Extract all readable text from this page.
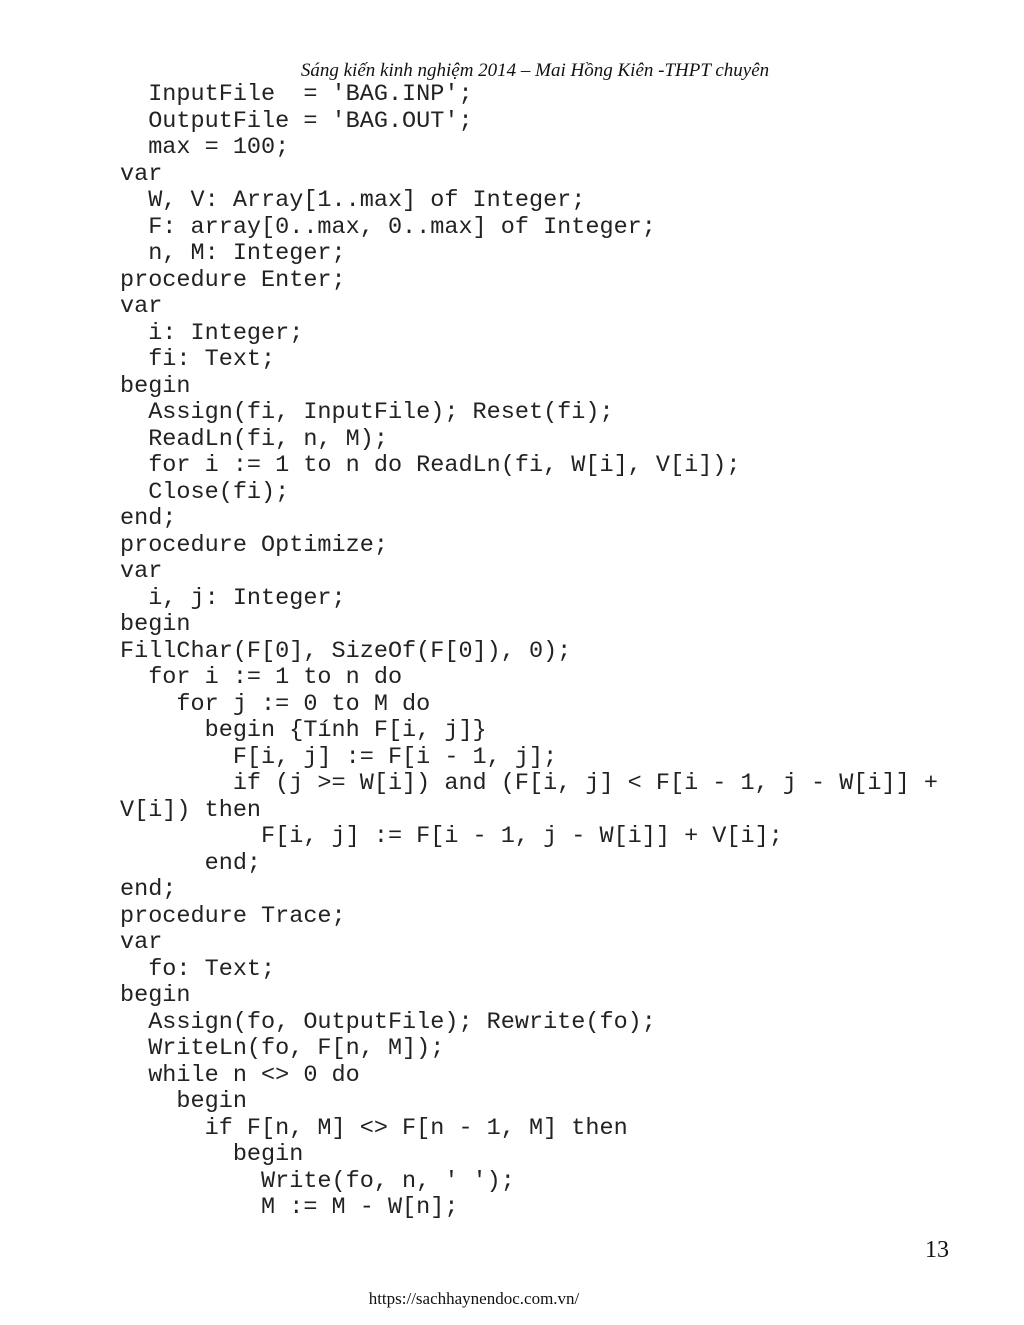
Sáng kiến kinh nghiệm 2014 – Mai Hồng Kiên -THPT chuyên
InputFile  = 'BAG.INP';
OutputFile = 'BAG.OUT';
max = 100;
var
W, V: Array[1..max] of Integer;
F: array[0..max, 0..max] of Integer;
n, M: Integer;
procedure Enter;
var
i: Integer;
fi: Text;
begin
Assign(fi, InputFile); Reset(fi);
ReadLn(fi, n, M);
for i := 1 to n do ReadLn(fi, W[i], V[i]);
Close(fi);
end;
procedure Optimize;
var
i, j: Integer;
begin
FillChar(F[0], SizeOf(F[0]), 0);
for i := 1 to n do
for j := 0 to M do
begin {Tính F[i, j]}
F[i, j] := F[i - 1, j];
if (j >= W[i]) and (F[i, j] < F[i - 1, j - W[i]] +
V[i]) then
F[i, j] := F[i - 1, j - W[i]] + V[i];
end;
end;
procedure Trace;
var
fo: Text;
begin
Assign(fo, OutputFile); Rewrite(fo);
WriteLn(fo, F[n, M]);
while n <> 0 do
begin
if F[n, M] <> F[n - 1, M] then
begin
Write(fo, n, ' ');
M := M - W[n];
13
https://sachhaynendoc.com.vn/
